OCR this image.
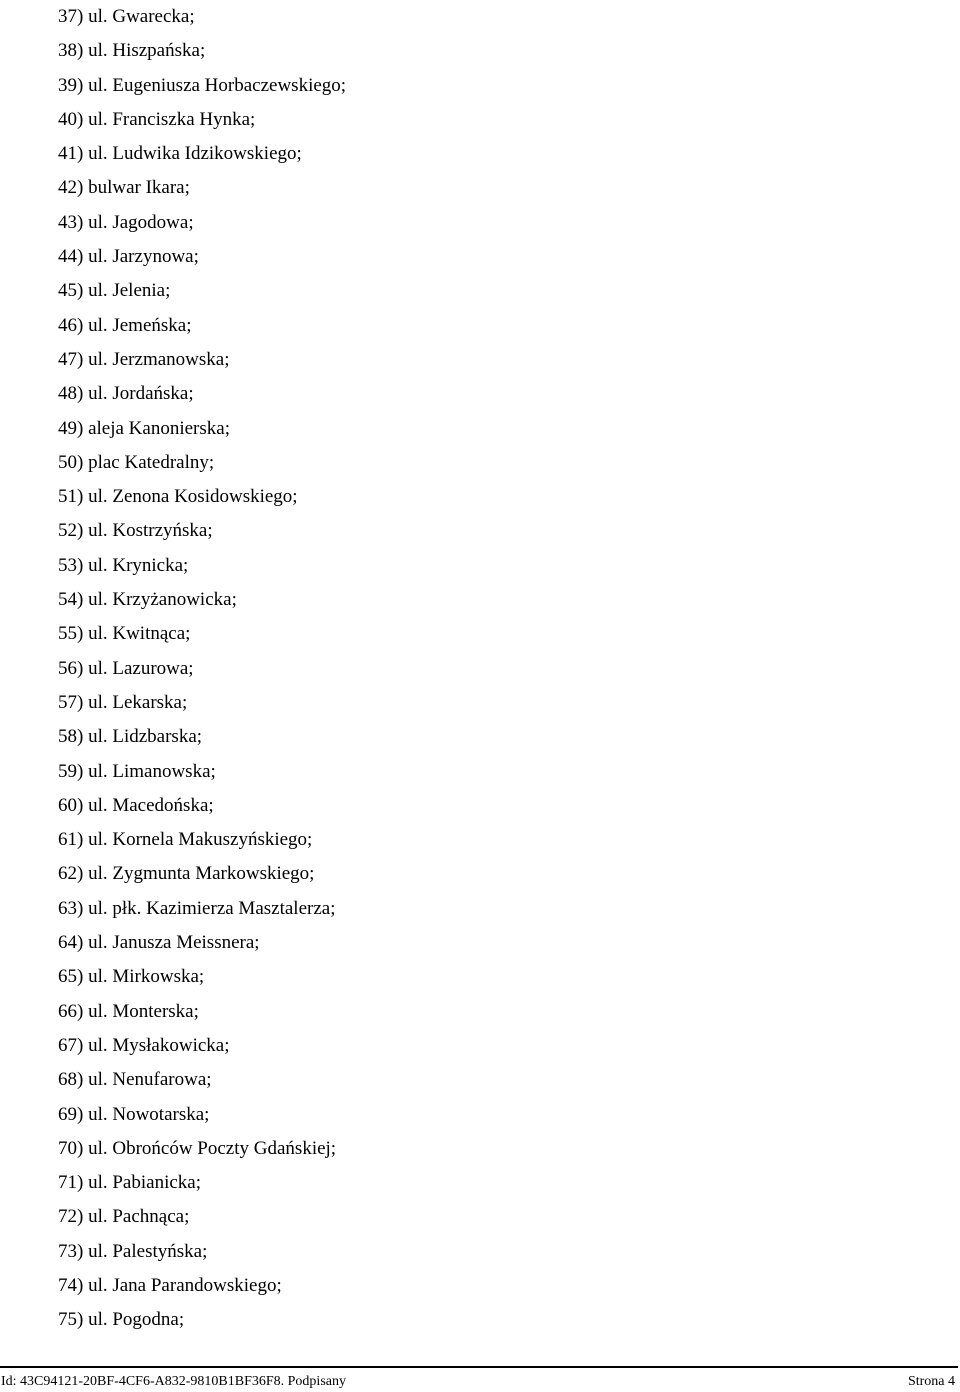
37) ul. Gwarecka;
38) ul. Hiszpańska;
39) ul. Eugeniusza Horbaczewskiego;
40) ul. Franciszka Hynka;
41) ul. Ludwika Idzikowskiego;
42) bulwar Ikara;
43) ul. Jagodowa;
44) ul. Jarzynowa;
45) ul. Jelenia;
46) ul. Jemeńska;
47) ul. Jerzmanowska;
48) ul. Jordańska;
49) aleja Kanonierska;
50) plac Katedralny;
51) ul. Zenona Kosidowskiego;
52) ul. Kostrzyńska;
53) ul. Krynicka;
54) ul. Krzyżanowicka;
55) ul. Kwitnąca;
56) ul. Lazurowa;
57) ul. Lekarska;
58) ul. Lidzbarska;
59) ul. Limanowska;
60) ul. Macedońska;
61) ul. Kornela Makuszyńskiego;
62) ul. Zygmunta Markowskiego;
63) ul. płk. Kazimierza Masztalerza;
64) ul. Janusza Meissnera;
65) ul. Mirkowska;
66) ul. Monterska;
67) ul. Mysłakowicka;
68) ul. Nenufarowa;
69) ul. Nowotarska;
70) ul. Obrońców Poczty Gdańskiej;
71) ul. Pabianicka;
72) ul. Pachnąca;
73) ul. Palestyńska;
74) ul. Jana Parandowskiego;
75) ul. Pogodna;
Id: 43C94121-20BF-4CF6-A832-9810B1BF36F8. Podpisany	Strona 4
